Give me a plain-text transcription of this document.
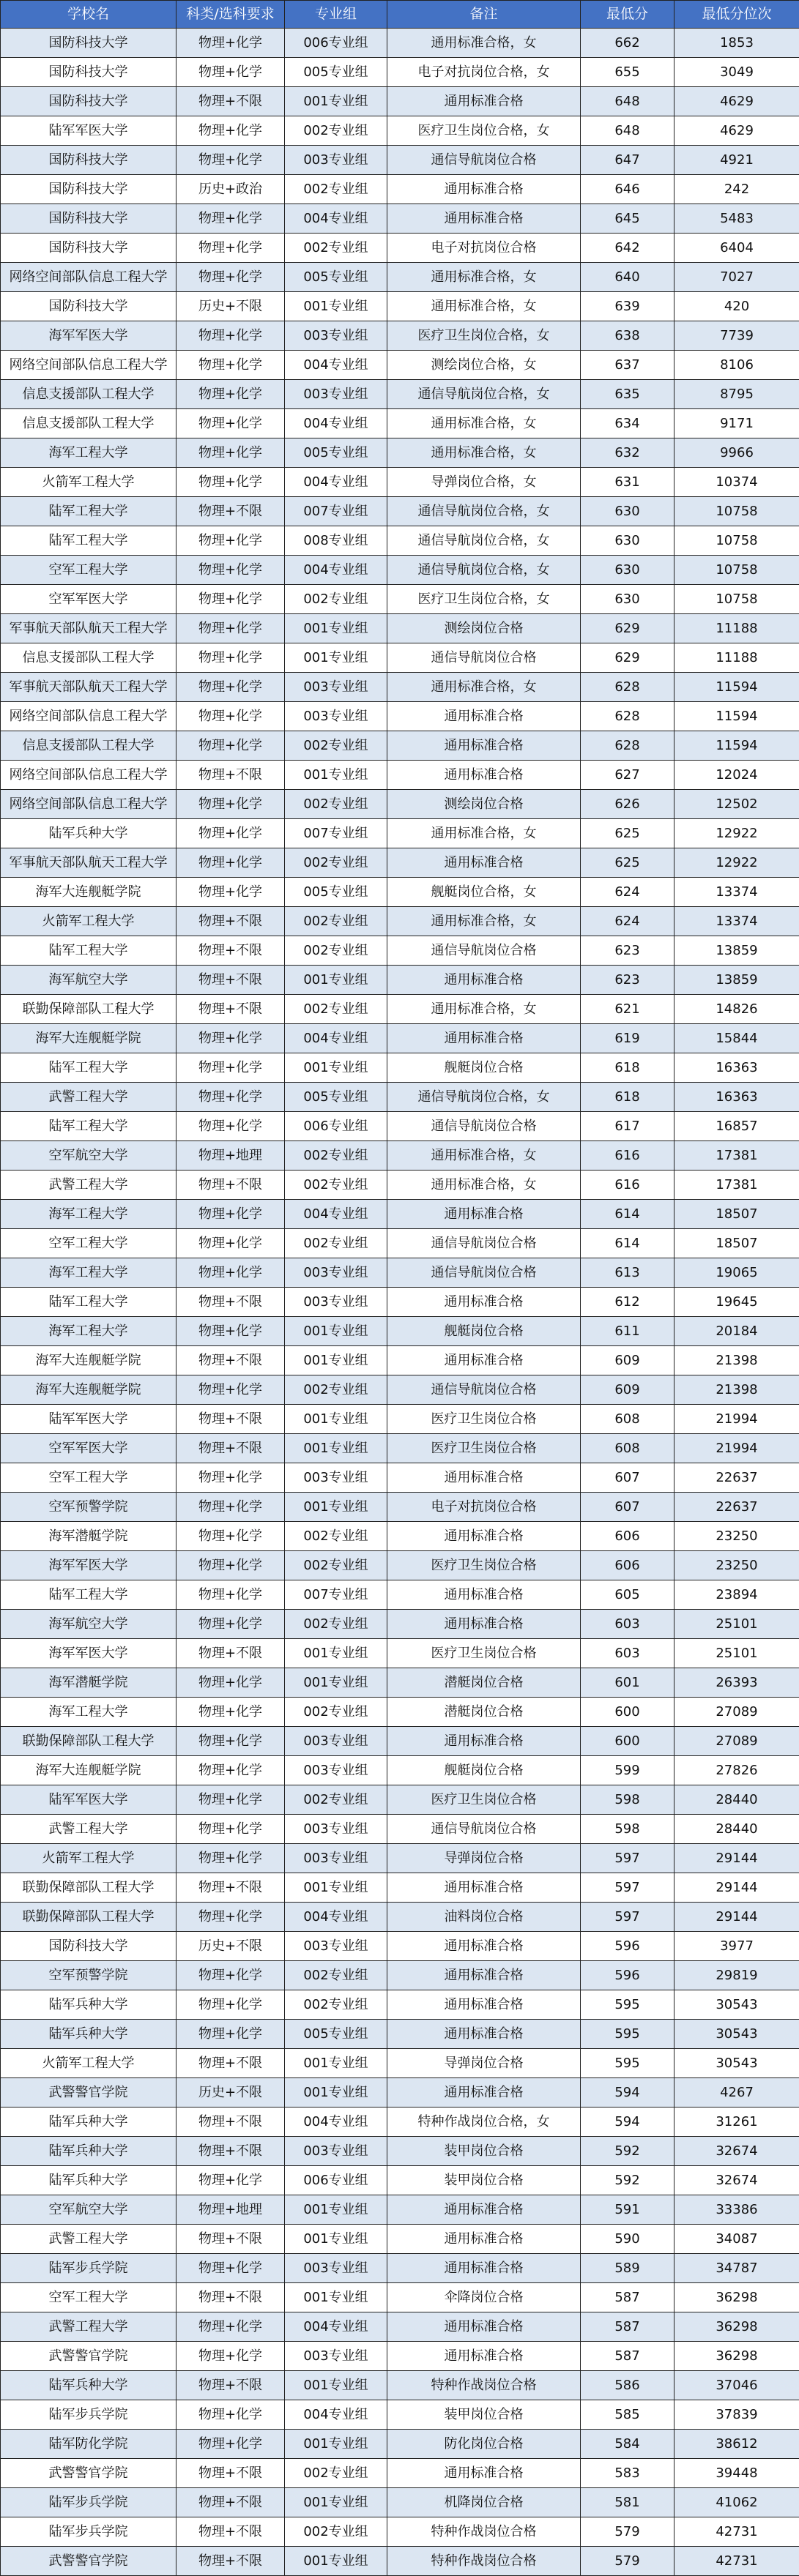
学校名	科类/选科要求	专业组	备注	最低分	最低分位次
国防科技大学	物理+化学	006专业组	通用标准合格，女	662	1853
国防科技大学	物理+化学	005专业组	电子对抗岗位合格，女	655	3049
国防科技大学	物理+不限	001专业组	通用标准合格	648	4629
陆军军医大学	物理+化学	002专业组	医疗卫生岗位合格，女	648	4629
国防科技大学	物理+化学	003专业组	通信导航岗位合格	647	4921
国防科技大学	历史+政治	002专业组	通用标准合格	646	242
国防科技大学	物理+化学	004专业组	通用标准合格	645	5483
国防科技大学	物理+化学	002专业组	电子对抗岗位合格	642	6404
网络空间部队信息工程大学	物理+化学	005专业组	通用标准合格，女	640	7027
国防科技大学	历史+不限	001专业组	通用标准合格，女	639	420
海军军医大学	物理+化学	003专业组	医疗卫生岗位合格，女	638	7739
网络空间部队信息工程大学	物理+化学	004专业组	测绘岗位合格，女	637	8106
信息支援部队工程大学	物理+化学	003专业组	通信导航岗位合格，女	635	8795
信息支援部队工程大学	物理+化学	004专业组	通用标准合格，女	634	9171
海军工程大学	物理+化学	005专业组	通用标准合格，女	632	9966
火箭军工程大学	物理+化学	004专业组	导弹岗位合格，女	631	10374
陆军工程大学	物理+不限	007专业组	通信导航岗位合格，女	630	10758
陆军工程大学	物理+化学	008专业组	通信导航岗位合格，女	630	10758
空军工程大学	物理+化学	004专业组	通信导航岗位合格，女	630	10758
空军军医大学	物理+化学	002专业组	医疗卫生岗位合格，女	630	10758
军事航天部队航天工程大学	物理+化学	001专业组	测绘岗位合格	629	11188
信息支援部队工程大学	物理+化学	001专业组	通信导航岗位合格	629	11188
军事航天部队航天工程大学	物理+化学	003专业组	通用标准合格，女	628	11594
网络空间部队信息工程大学	物理+化学	003专业组	通用标准合格	628	11594
信息支援部队工程大学	物理+化学	002专业组	通用标准合格	628	11594
网络空间部队信息工程大学	物理+不限	001专业组	通用标准合格	627	12024
网络空间部队信息工程大学	物理+化学	002专业组	测绘岗位合格	626	12502
陆军兵种大学	物理+化学	007专业组	通用标准合格，女	625	12922
军事航天部队航天工程大学	物理+化学	002专业组	通用标准合格	625	12922
海军大连舰艇学院	物理+化学	005专业组	舰艇岗位合格，女	624	13374
火箭军工程大学	物理+不限	002专业组	通用标准合格，女	624	13374
陆军工程大学	物理+不限	002专业组	通信导航岗位合格	623	13859
海军航空大学	物理+不限	001专业组	通用标准合格	623	13859
联勤保障部队工程大学	物理+不限	002专业组	通用标准合格，女	621	14826
海军大连舰艇学院	物理+化学	004专业组	通用标准合格	619	15844
陆军工程大学	物理+化学	001专业组	舰艇岗位合格	618	16363
武警工程大学	物理+化学	005专业组	通信导航岗位合格，女	618	16363
陆军工程大学	物理+化学	006专业组	通信导航岗位合格	617	16857
空军航空大学	物理+地理	002专业组	通用标准合格，女	616	17381
武警工程大学	物理+不限	002专业组	通用标准合格，女	616	17381
海军工程大学	物理+化学	004专业组	通用标准合格	614	18507
空军工程大学	物理+化学	002专业组	通信导航岗位合格	614	18507
海军工程大学	物理+化学	003专业组	通信导航岗位合格	613	19065
陆军工程大学	物理+不限	003专业组	通用标准合格	612	19645
海军工程大学	物理+化学	001专业组	舰艇岗位合格	611	20184
海军大连舰艇学院	物理+不限	001专业组	通用标准合格	609	21398
海军大连舰艇学院	物理+化学	002专业组	通信导航岗位合格	609	21398
陆军军医大学	物理+不限	001专业组	医疗卫生岗位合格	608	21994
空军军医大学	物理+不限	001专业组	医疗卫生岗位合格	608	21994
空军工程大学	物理+化学	003专业组	通用标准合格	607	22637
空军预警学院	物理+化学	001专业组	电子对抗岗位合格	607	22637
海军潜艇学院	物理+化学	002专业组	通用标准合格	606	23250
海军军医大学	物理+化学	002专业组	医疗卫生岗位合格	606	23250
陆军工程大学	物理+化学	007专业组	通用标准合格	605	23894
海军航空大学	物理+化学	002专业组	通用标准合格	603	25101
海军军医大学	物理+不限	001专业组	医疗卫生岗位合格	603	25101
海军潜艇学院	物理+化学	001专业组	潜艇岗位合格	601	26393
海军工程大学	物理+化学	002专业组	潜艇岗位合格	600	27089
联勤保障部队工程大学	物理+化学	003专业组	通用标准合格	600	27089
海军大连舰艇学院	物理+化学	003专业组	舰艇岗位合格	599	27826
陆军军医大学	物理+化学	002专业组	医疗卫生岗位合格	598	28440
武警工程大学	物理+化学	003专业组	通信导航岗位合格	598	28440
火箭军工程大学	物理+化学	003专业组	导弹岗位合格	597	29144
联勤保障部队工程大学	物理+不限	001专业组	通用标准合格	597	29144
联勤保障部队工程大学	物理+化学	004专业组	油料岗位合格	597	29144
国防科技大学	历史+不限	003专业组	通用标准合格	596	3977
空军预警学院	物理+化学	002专业组	通用标准合格	596	29819
陆军兵种大学	物理+化学	002专业组	通用标准合格	595	30543
陆军兵种大学	物理+化学	005专业组	通用标准合格	595	30543
火箭军工程大学	物理+不限	001专业组	导弹岗位合格	595	30543
武警警官学院	历史+不限	001专业组	通用标准合格	594	4267
陆军兵种大学	物理+不限	004专业组	特种作战岗位合格，女	594	31261
陆军兵种大学	物理+不限	003专业组	装甲岗位合格	592	32674
陆军兵种大学	物理+化学	006专业组	装甲岗位合格	592	32674
空军航空大学	物理+地理	001专业组	通用标准合格	591	33386
武警工程大学	物理+不限	001专业组	通用标准合格	590	34087
陆军步兵学院	物理+化学	003专业组	通用标准合格	589	34787
空军工程大学	物理+不限	001专业组	伞降岗位合格	587	36298
武警工程大学	物理+化学	004专业组	通用标准合格	587	36298
武警警官学院	物理+化学	003专业组	通用标准合格	587	36298
陆军兵种大学	物理+不限	001专业组	特种作战岗位合格	586	37046
陆军步兵学院	物理+化学	004专业组	装甲岗位合格	585	37839
陆军防化学院	物理+化学	001专业组	防化岗位合格	584	38612
武警警官学院	物理+不限	002专业组	通用标准合格	583	39448
陆军步兵学院	物理+不限	001专业组	机降岗位合格	581	41062
陆军步兵学院	物理+不限	002专业组	特种作战岗位合格	579	42731
武警警官学院	物理+不限	001专业组	特种作战岗位合格	579	42731
